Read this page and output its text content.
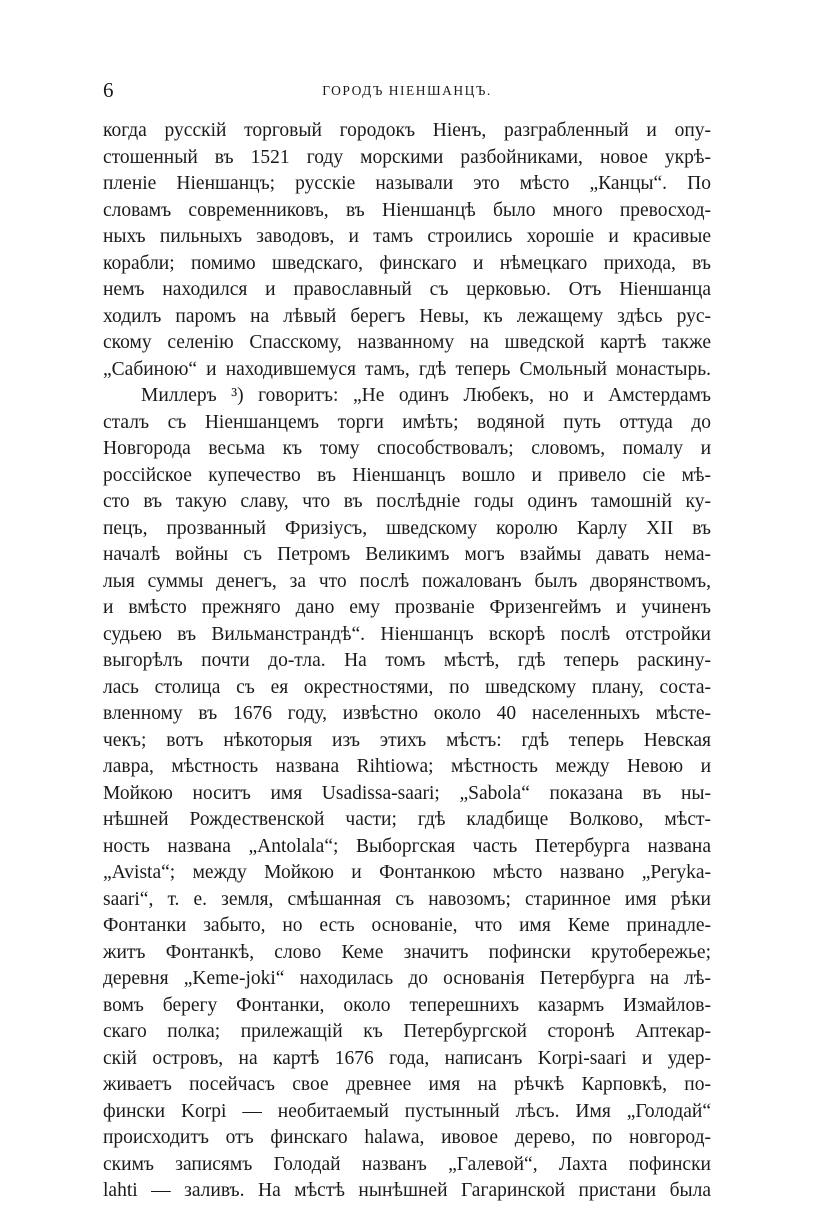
6	ГОРОДЪ НІЕНШАНЦЪ.
когда русскій торговый городокъ Ніенъ, разграбленный и опу-
стошенный въ 1521 году морскими разбойниками, новое укрѣ-
пленіе Ніеншанцъ; русскіе называли это мѣсто „Канцы“. По
словамъ современниковъ, въ Ніеншанцѣ было много превосход-
ныхъ пильныхъ заводовъ, и тамъ строились хорошіе и красивые
корабли; помимо шведскаго, финскаго и нѣмецкаго прихода, въ
немъ находился и православный съ церковью. Отъ Ніеншанца
ходилъ паромъ на лѣвый берегъ Невы, къ лежащему здѣсь рус-
скому селенію Спасскому, названному на шведской картѣ также
„Сабиною“ и находившемуся тамъ, гдѣ теперь Смольный монастырь.
Миллеръ ³) говоритъ: „Не одинъ Любекъ, но и Амстердамъ
сталъ съ Ніеншанцемъ торги имѣть; водяной путь оттуда до
Новгорода весьма къ тому способствовалъ; словомъ, помалу и
россійское купечество въ Ніеншанцъ вошло и привело сіе мѣ-
сто въ такую славу, что въ послѣдніе годы одинъ тамошній ку-
пецъ, прозванный Фризіусъ, шведскому королю Карлу XII въ
началѣ войны съ Петромъ Великимъ могъ взаймы давать нема-
лыя суммы денегъ, за что послѣ пожалованъ былъ дворянствомъ,
и вмѣсто прежняго дано ему прозваніе Фризенгеймъ и учиненъ
судьею въ Вильманстрандѣ“. Ніеншанцъ вскорѣ послѣ отстройки
выгорѣлъ почти до-тла. На томъ мѣстѣ, гдѣ теперь раскину-
лась столица съ ея окрестностями, по шведскому плану, соста-
вленному въ 1676 году, извѣстно около 40 населенныхъ мѣсте-
чекъ; вотъ нѣкоторыя изъ этихъ мѣстъ: гдѣ теперь Невская
лавра, мѣстность названа Rihtiowa; мѣстность между Невою и
Мойкою носитъ имя Usadissa-saari; „Sabola“ показана въ ны-
нѣшней Рождественской части; гдѣ кладбище Волково, мѣст-
ность названа „Antolala“; Выборгская часть Петербурга названа
„Avista“; между Мойкою и Фонтанкою мѣсто названо „Peryka-
saari“, т. е. земля, смѣшанная съ навозомъ; старинное имя рѣки
Фонтанки забыто, но есть основаніе, что имя Кеме принадле-
житъ Фонтанкѣ, слово Кеме значитъ пофински крутобережье;
деревня „Keme-joki“ находилась до основанія Петербурга на лѣ-
вомъ берегу Фонтанки, около теперешнихъ казармъ Измайлов-
скаго полка; прилежащій къ Петербургской сторонѣ Аптекар-
скій островъ, на картѣ 1676 года, написанъ Korpi-saari и удер-
живаетъ посейчасъ свое древнее имя на рѣчкѣ Карповкѣ, по-
фински Korpi — необитаемый пустынный лѣсъ. Имя „Голодай“
происходитъ отъ финскаго halawa, ивовое дерево, по новгород-
скимъ записямъ Голодай названъ „Галевой“, Лахта пофински
lahti — заливъ. На мѣстѣ нынѣшней Гагаринской пристани была
